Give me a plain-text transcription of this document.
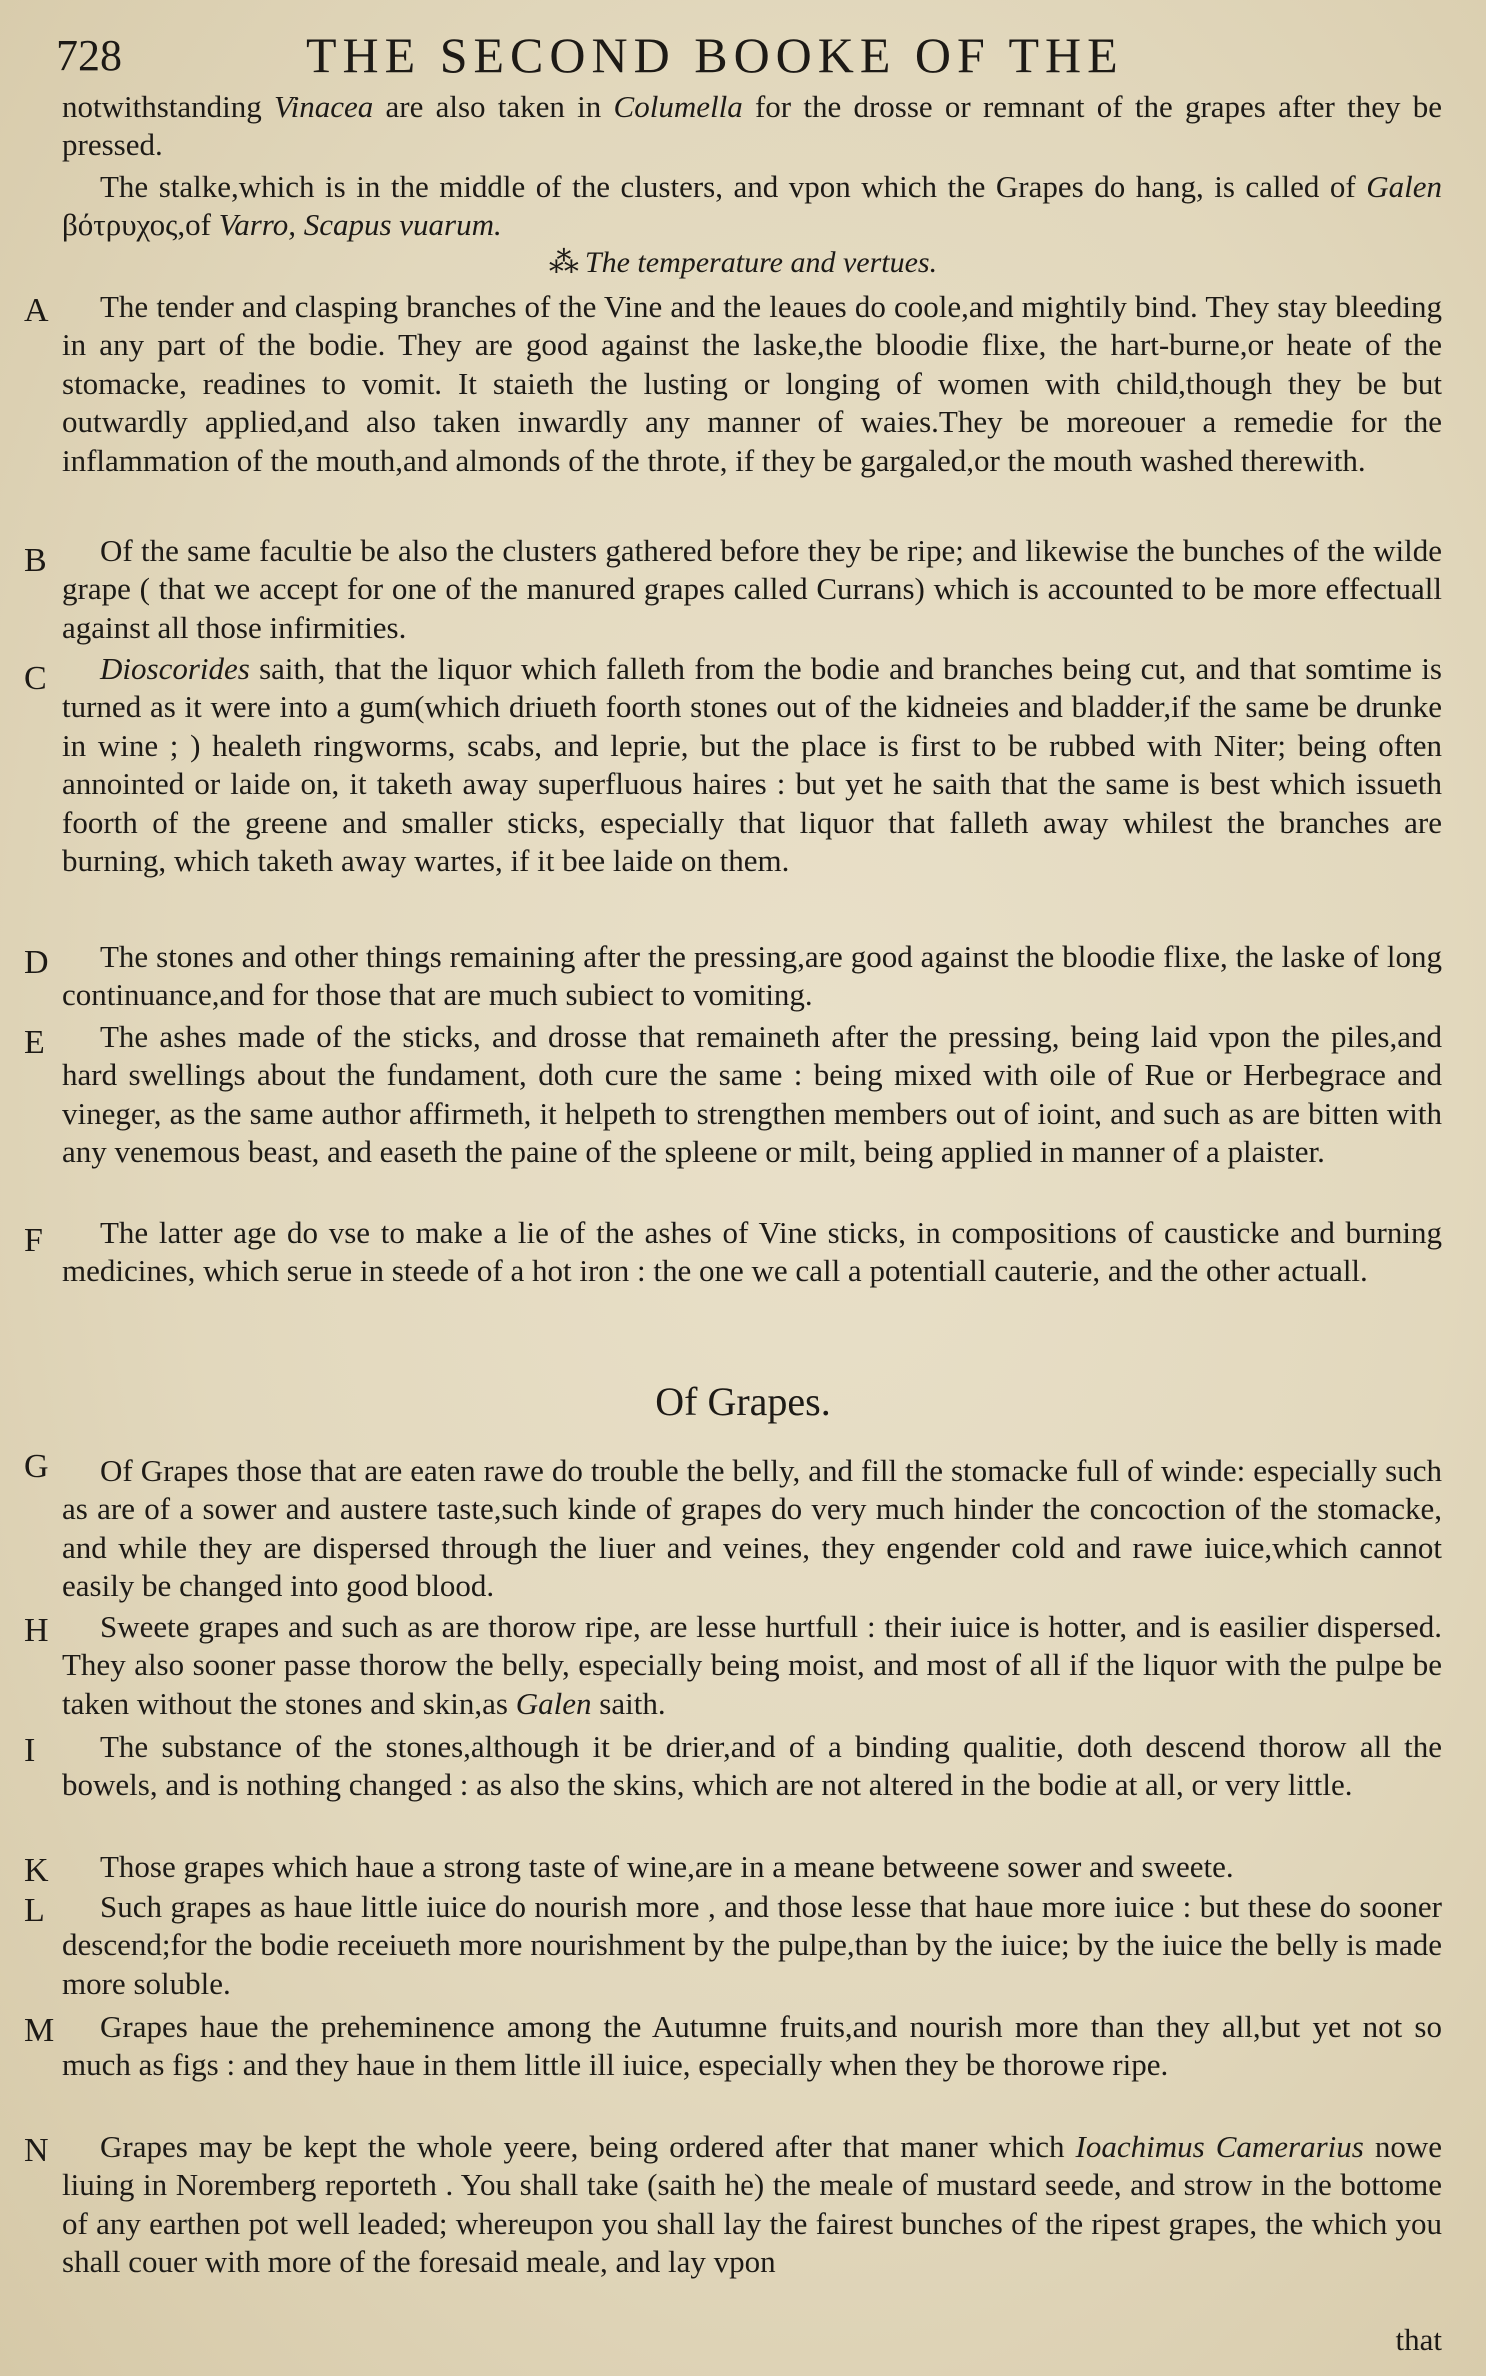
728	THE SECOND BOOKE OF THE
notwithstanding Vinacea are also taken in Columella for the drosse or remnant of the grapes after they be pressed.
The stalke,which is in the middle of the clusters, and vpon which the Grapes do hang, is called of Galen βότρυχος,of Varro, Scapus vuarum.
⁂ The temperature and vertues.
A	The tender and clasping branches of the Vine and the leaues do coole,and mightily bind. They stay bleeding in any part of the bodie. They are good against the laske,the bloodie flixe, the hart-burne,or heate of the stomacke, readines to vomit. It staieth the lusting or longing of women with child,though they be but outwardly applied,and also taken inwardly any manner of waies.They be moreouer a remedie for the inflammation of the mouth,and almonds of the throte, if they be gargaled,or the mouth washed therewith.
B	Of the same facultie be also the clusters gathered before they be ripe; and likewise the bunches of the wilde grape ( that we accept for one of the manured grapes called Currans) which is accounted to be more effectuall against all those infirmities.
C	Dioscorides saith, that the liquor which falleth from the bodie and branches being cut, and that somtime is turned as it were into a gum(which driueth foorth stones out of the kidneies and bladder,if the same be drunke in wine ; ) healeth ringworms, scabs, and leprie, but the place is first to be rubbed with Niter; being often annointed or laide on, it taketh away superfluous haires : but yet he saith that the same is best which issueth foorth of the greene and smaller sticks, especially that liquor that falleth away whilest the branches are burning, which taketh away wartes, if it bee laide on them.
D	The stones and other things remaining after the pressing,are good against the bloodie flixe, the laske of long continuance,and for those that are much subiect to vomiting.
E	The ashes made of the sticks, and drosse that remaineth after the pressing, being laid vpon the piles,and hard swellings about the fundament, doth cure the same : being mixed with oile of Rue or Herbegrace and vineger, as the same author affirmeth, it helpeth to strengthen members out of ioint, and such as are bitten with any venemous beast, and easeth the paine of the spleene or milt, being applied in manner of a plaister.
F	The latter age do vse to make a lie of the ashes of Vine sticks, in compositions of causticke and burning medicines, which serue in steede of a hot iron : the one we call a potentiall cauterie, and the other actuall.
Of Grapes.
G	Of Grapes those that are eaten rawe do trouble the belly, and fill the stomacke full of winde: especially such as are of a sower and austere taste,such kinde of grapes do very much hinder the concoction of the stomacke, and while they are dispersed through the liuer and veines, they engender cold and rawe iuice,which cannot easily be changed into good blood.
H	Sweete grapes and such as are thorow ripe, are lesse hurtfull : their iuice is hotter, and is easilier dispersed. They also sooner passe thorow the belly, especially being moist, and most of all if the liquor with the pulpe be taken without the stones and skin,as Galen saith.
I	The substance of the stones,although it be drier,and of a binding qualitie, doth descend thorow all the bowels, and is nothing changed : as also the skins, which are not altered in the bodie at all, or very little.
K	Those grapes which haue a strong taste of wine,are in a meane betweene sower and sweete.
L	Such grapes as haue little iuice do nourish more , and those lesse that haue more iuice : but these do sooner descend;for the bodie receiueth more nourishment by the pulpe,than by the iuice; by the iuice the belly is made more soluble.
M	Grapes haue the preheminence among the Autumne fruits,and nourish more than they all,but yet not so much as figs : and they haue in them little ill iuice, especially when they be thorowe ripe.
N	Grapes may be kept the whole yeere, being ordered after that maner which Ioachimus Camerarius nowe liuing in Noremberg reporteth . You shall take (saith he) the meale of mustard seede, and strow in the bottome of any earthen pot well leaded; whereupon you shall lay the fairest bunches of the ripest grapes, the which you shall couer with more of the foresaid meale, and lay vpon
that
